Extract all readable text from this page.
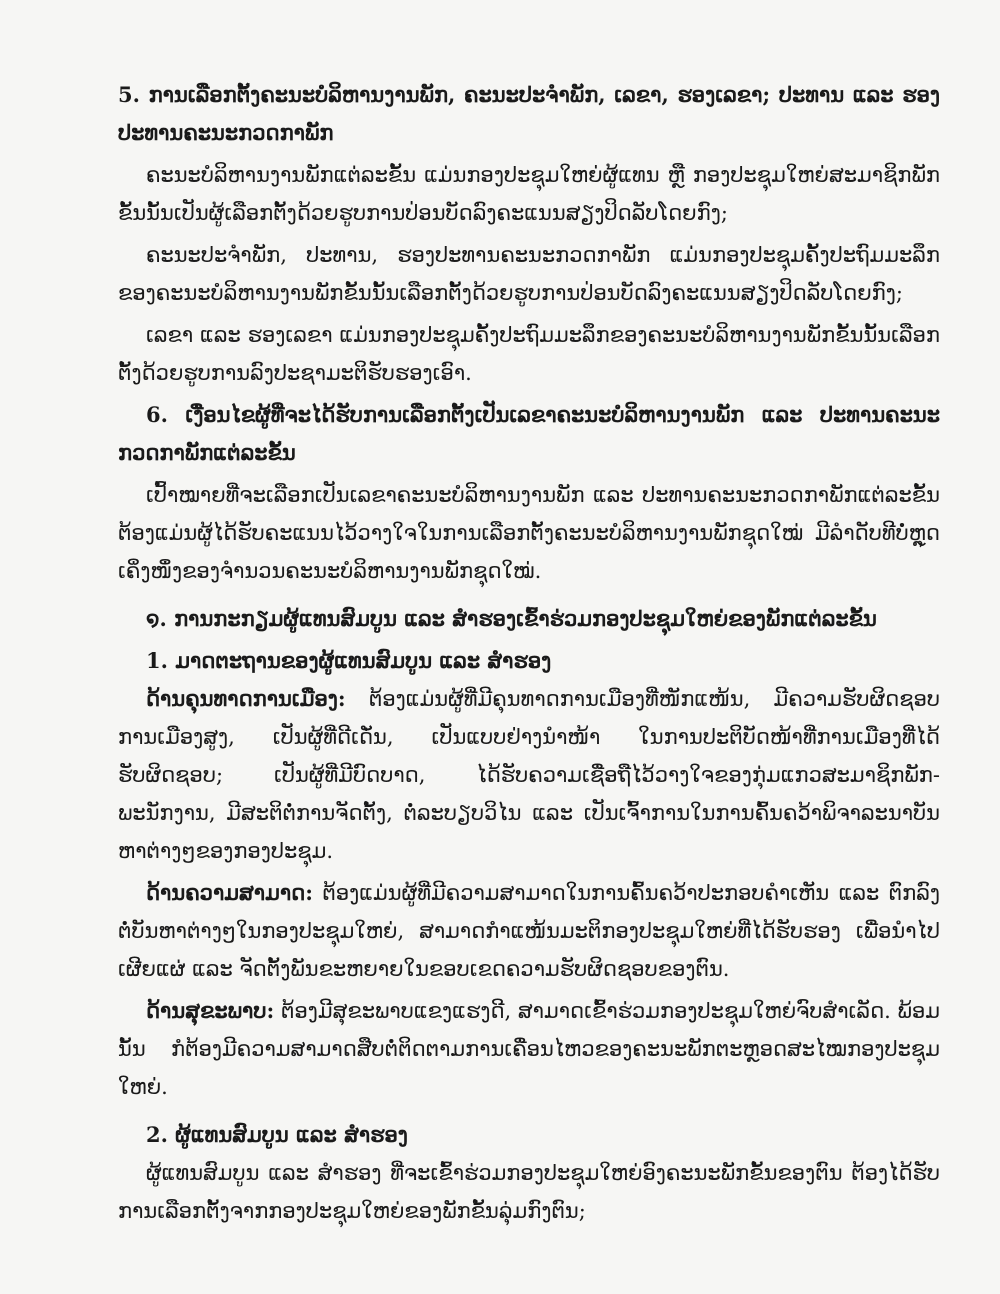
5. ການເລືອກຕັ້ງຄະນະບໍລິຫານງານພັກ, ຄະນະປະຈຳພັກ, ເລຂາ, ຮອງເລຂາ; ປະທານ ແລະ ຮອງປະທານຄະນະກວດກາພັກ

ຄະນະບໍລິຫານງານພັກແຕ່ລະຂັ້ນ ແມ່ນກອງປະຊຸມໃຫຍ່ຜູ້ແທນ ຫຼື ກອງປະຊຸມໃຫຍ່ສະມາຊິກພັກຂັ້ນນັ້ນເປັນຜູ້ເລືອກຕັ້ງດ້ວຍຮູບການປ່ອນບັດລົງຄະແນນສຽງປິດລັບໂດຍກົງ;

ຄະນະປະຈຳພັກ, ປະທານ, ຮອງປະທານຄະນະກວດກາພັກ ແມ່ນກອງປະຊຸມຄັ້ງປະຖົມມະລຶກຂອງຄະນະບໍລິຫານງານພັກຂັ້ນນັ້ນເລືອກຕັ້ງດ້ວຍຮູບການປ່ອນບັດລົງຄະແນນສຽງປິດລັບໂດຍກົງ;

ເລຂາ ແລະ ຮອງເລຂາ ແມ່ນກອງປະຊຸມຄັ້ງປະຖົມມະລຶກຂອງຄະນະບໍລິຫານງານພັກຂັ້ນນັ້ນເລືອກຕັ້ງດ້ວຍຮູບການລົງປະຊາມະຕິຮັບຮອງເອົາ.

6. ເງື່ອນໄຂຜູ້ທີ່ຈະໄດ້ຮັບການເລືອກຕັ້ງເປັນເລຂາຄະນະບໍລິຫານງານພັກ ແລະ ປະທານຄະນະກວດກາພັກແຕ່ລະຂັ້ນ

ເປົ້າໝາຍທີ່ຈະເລືອກເປັນເລຂາຄະນະບໍລິຫານງານພັກ ແລະ ປະທານຄະນະກວດກາພັກແຕ່ລະຂັ້ນ ຕ້ອງແມ່ນຜູ້ໄດ້ຮັບຄະແນນໄວ້ວາງໃຈໃນການເລືອກຕັ້ງຄະນະບໍລິຫານງານພັກຊຸດໃໝ່ ມີລຳດັບທີບໍ່ຫຼຸດເຄິ່ງໜຶ່ງຂອງຈຳນວນຄະນະບໍລິຫານງານພັກຊຸດໃໝ່.

໑. ການກະກຽມຜູ້ແທນສົມບູນ ແລະ ສຳຮອງເຂົ້າຮ່ວມກອງປະຊຸມໃຫຍ່ຂອງພັກແຕ່ລະຂັ້ນ

1. ມາດຕະຖານຂອງຜູ້ແທນສົມບູນ ແລະ ສຳຮອງ

ດ້ານຄຸນທາດການເມືອງ: ຕ້ອງແມ່ນຜູ້ທີ່ມີຄຸນທາດການເມືອງທີ່ໜັກແໜ້ນ, ມີຄວາມຮັບຜິດຊອບການເມືອງສູງ, ເປັນຜູ້ທີ່ດີເດັ່ນ, ເປັນແບບຢ່າງນຳໜ້າ ໃນການປະຕິບັດໜ້າທີ່ການເມືອງທີ່ໄດ້ຮັບຜິດຊອບ; ເປັນຜູ້ທີ່ມີບົດບາດ, ໄດ້ຮັບຄວາມເຊື່ອຖືໄວ້ວາງໃຈຂອງກຸ່ມແກວສະມາຊິກພັກ-ພະນັກງານ, ມີສະຕິຕໍ່ການຈັດຕັ້ງ, ຕໍ່ລະບຽບວິໄນ ແລະ ເປັນເຈົ້າການໃນການຄົ້ນຄວ້າພິຈາລະນາບັນຫາຕ່າງໆຂອງກອງປະຊຸມ.

ດ້ານຄວາມສາມາດ: ຕ້ອງແມ່ນຜູ້ທີ່ມີຄວາມສາມາດໃນການຄົ້ນຄວ້າປະກອບຄຳເຫັນ ແລະ ຕົກລົງຕໍ່ບັນຫາຕ່າງໆໃນກອງປະຊຸມໃຫຍ່, ສາມາດກຳແໜ້ນມະຕິກອງປະຊຸມໃຫຍ່ທີ່ໄດ້ຮັບຮອງ ເພື່ອນຳໄປເຜີຍແຜ່ ແລະ ຈັດຕັ້ງພັນຂະຫຍາຍໃນຂອບເຂດຄວາມຮັບຜິດຊອບຂອງຕົນ.

ດ້ານສຸຂະພາບ: ຕ້ອງມີສຸຂະພາບແຂງແຮງດີ, ສາມາດເຂົ້າຮ່ວມກອງປະຊຸມໃຫຍ່ຈົບສຳເລັດ. ພ້ອມນັ້ນ ກໍຕ້ອງມີຄວາມສາມາດສືບຕໍ່ຕິດຕາມການເຄື່ອນໄຫວຂອງຄະນະພັກຕະຫຼອດສະໄໝກອງປະຊຸມໃຫຍ່.

2. ຜູ້ແທນສົມບູນ ແລະ ສຳຮອງ

ຜູ້ແທນສົມບູນ ແລະ ສຳຮອງ ທີ່ຈະເຂົ້າຮ່ວມກອງປະຊຸມໃຫຍ່ອົງຄະນະພັກຂັ້ນຂອງຕົນ ຕ້ອງໄດ້ຮັບການເລືອກຕັ້ງຈາກກອງປະຊຸມໃຫຍ່ຂອງພັກຂັ້ນລຸ່ມກົງຕົນ;
